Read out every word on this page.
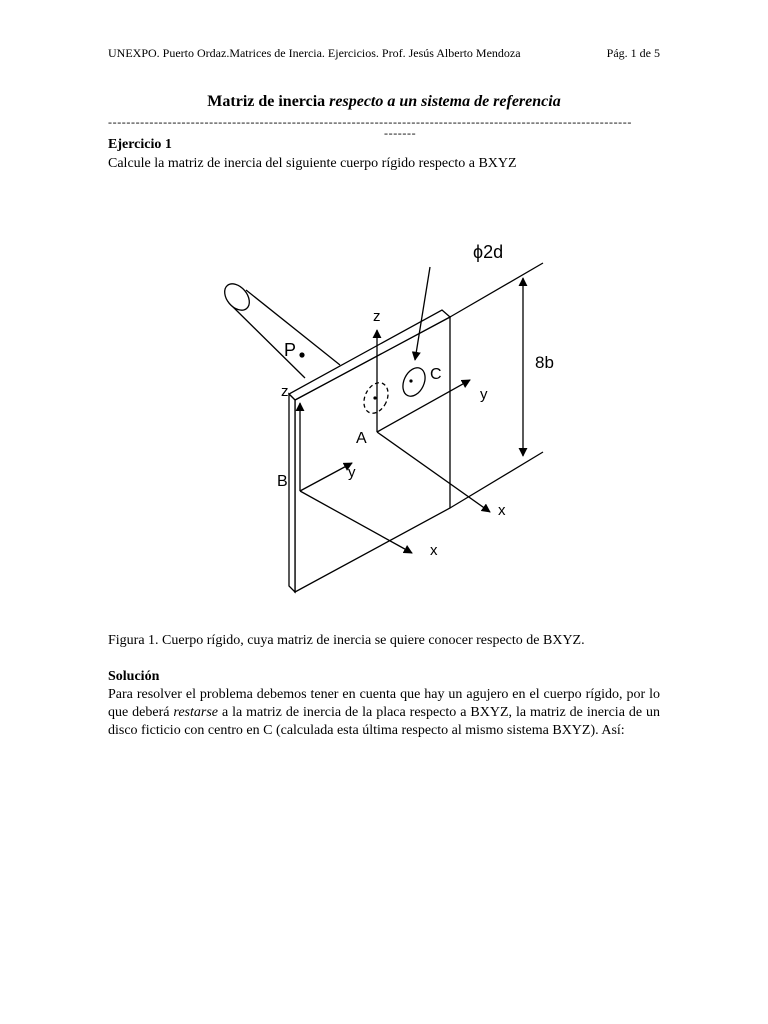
UNEXPO. Puerto Ordaz.Matrices de Inercia. Ejercicios. Prof. Jesús Alberto Mendoza	Pág. 1 de 5
Matriz de inercia respecto a un sistema de referencia
------------------------------------------------------------------------------------------------------------------
-------
Ejercicio 1
Calcule la matriz de inercia del siguiente cuerpo rígido respecto a BXYZ
ϕ2d
8b
P
C
A
B
z
y
x
z
y
x
Figura 1. Cuerpo rígido, cuya matriz de inercia se quiere conocer respecto de BXYZ.
Solución
Para resolver el problema debemos tener en cuenta que hay un agujero en el cuerpo rígido, por lo que deberá restarse a la matriz de inercia de la placa respecto a BXYZ, la matriz de inercia de un disco ficticio con centro en C (calculada esta última respecto al mismo sistema BXYZ). Así:
